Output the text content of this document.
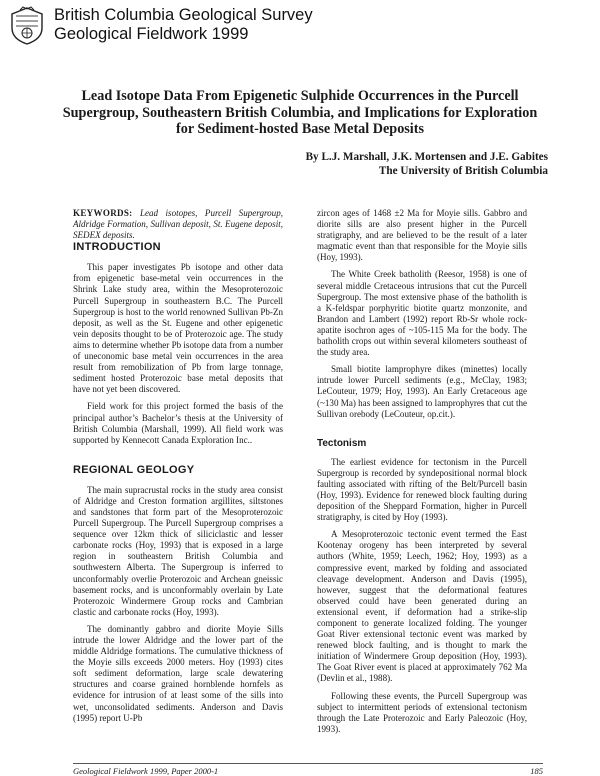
British Columbia Geological Survey
Geological Fieldwork 1999
Lead Isotope Data From Epigenetic Sulphide Occurrences in the Purcell Supergroup, Southeastern British Columbia, and Implications for Exploration for Sediment-hosted Base Metal Deposits
By L.J. Marshall, J.K. Mortensen and J.E. Gabites
The University of British Columbia

KEYWORDS: Lead isotopes, Purcell Supergroup, Aldridge Formation, Sullivan deposit, St. Eugene deposit, SEDEX deposits.

INTRODUCTION

This paper investigates Pb isotope and other data from epigenetic base-metal vein occurrences in the Shrink Lake study area, within the Mesoproterozoic Purcell Supergroup in southeastern B.C. The Purcell Supergroup is host to the world renowned Sullivan Pb-Zn deposit, as well as the St. Eugene and other epigenetic vein deposits thought to be of Proterozoic age. The study aims to determine whether Pb isotope data from a number of uneconomic base metal vein occurrences in the area result from remobilization of Pb from large tonnage, sediment hosted Proterozoic base metal deposits that have not yet been discovered.

Field work for this project formed the basis of the principal author’s Bachelor’s thesis at the University of British Columbia (Marshall, 1999). All field work was supported by Kennecott Canada Exploration Inc..

REGIONAL GEOLOGY

The main supracrustal rocks in the study area consist of Aldridge and Creston formation argillites, siltstones and sandstones that form part of the Mesoproterozoic Purcell Supergroup. The Purcell Supergroup comprises a sequence over 12km thick of siliciclastic and lesser carbonate rocks (Hoy, 1993) that is exposed in a large region in southeastern British Columbia and southwestern Alberta. The Supergroup is inferred to unconformably overlie Proterozoic and Archean gneissic basement rocks, and is unconformably overlain by Late Proterozoic Windermere Group rocks and Cambrian clastic and carbonate rocks (Hoy, 1993).

The dominantly gabbro and diorite Moyie Sills intrude the lower Aldridge and the lower part of the middle Aldridge formations. The cumulative thickness of the Moyie sills exceeds 2000 meters. Hoy (1993) cites soft sediment deformation, large scale dewatering structures and coarse grained hornblende hornfels as evidence for intrusion of at least some of the sills into wet, unconsolidated sediments. Anderson and Davis (1995) report U-Pb

zircon ages of 1468 ±2 Ma for Moyie sills. Gabbro and diorite sills are also present higher in the Purcell stratigraphy, and are believed to be the result of a later magmatic event than that responsible for the Moyie sills (Hoy, 1993).

The White Creek batholith (Reesor, 1958) is one of several middle Cretaceous intrusions that cut the Purcell Supergroup. The most extensive phase of the batholith is a K-feldspar porphyritic biotite quartz monzonite, and Brandon and Lambert (1992) report Rb-Sr whole rock-apatite isochron ages of ~105-115 Ma for the body. The batholith crops out within several kilometers southeast of the study area.

Small biotite lamprophyre dikes (minettes) locally intrude lower Purcell sediments (e.g., McClay, 1983; LeCouteur, 1979; Hoy, 1993). An Early Cretaceous age (~130 Ma) has been assigned to lamprophyres that cut the Sullivan orebody (LeCouteur, op.cit.).

Tectonism

The earliest evidence for tectonism in the Purcell Supergroup is recorded by syndepositional normal block faulting associated with rifting of the Belt/Purcell basin (Hoy, 1993). Evidence for renewed block faulting during deposition of the Sheppard Formation, higher in Purcell stratigraphy, is cited by Hoy (1993).

A Mesoproterozoic tectonic event termed the East Kootenay orogeny has been interpreted by several authors (White, 1959; Leech, 1962; Hoy, 1993) as a compressive event, marked by folding and associated cleavage development. Anderson and Davis (1995), however, suggest that the deformational features observed could have been generated during an extensional event, if deformation had a strike-slip component to generate localized folding. The younger Goat River extensional tectonic event was marked by renewed block faulting, and is thought to mark the initiation of Windermere Group deposition (Hoy, 1993). The Goat River event is placed at approximately 762 Ma (Devlin et al., 1988).

Following these events, the Purcell Supergroup was subject to intermittent periods of extensional tectonism through the Late Proterozoic and Early Paleozoic (Hoy, 1993).

Geological Fieldwork 1999, Paper 2000-1	185
